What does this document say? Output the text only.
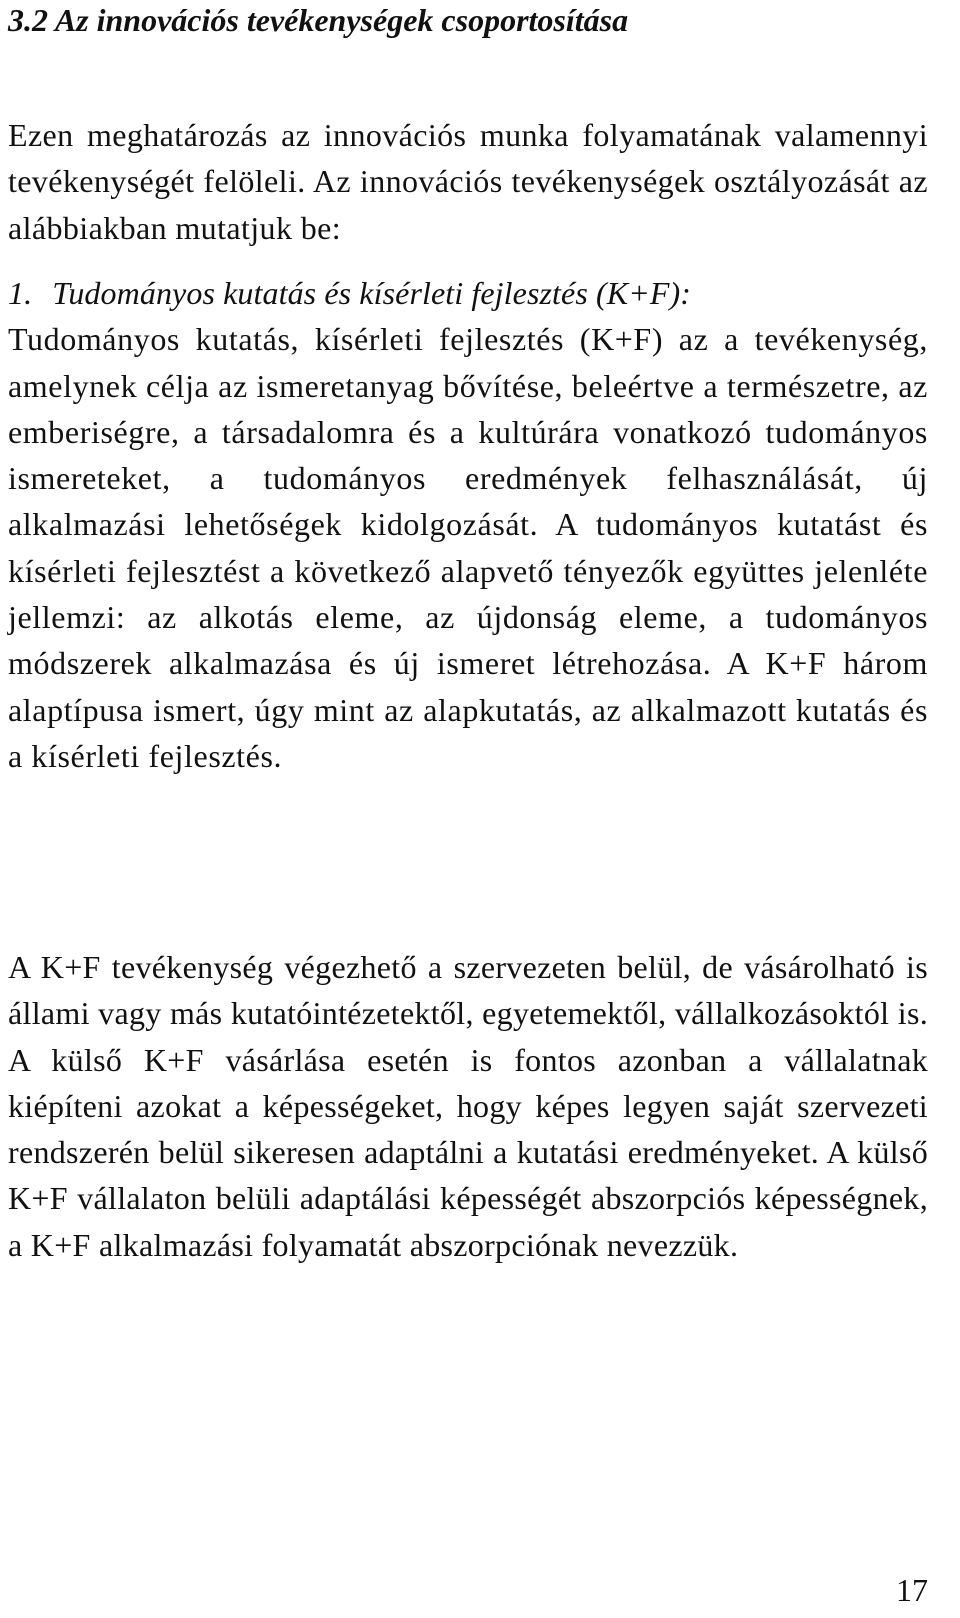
3.2 Az innovációs tevékenységek csoportosítása

Ezen meghatározás az innovációs munka folyamatának valamennyi tevékenységét felöleli. Az innovációs tevékenységek osztályozását az alábbiakban mutatjuk be:

1. Tudományos kutatás és kísérleti fejlesztés (K+F):
Tudományos kutatás, kísérleti fejlesztés (K+F) az a tevékenység, amelynek célja az ismeretanyag bővítése, beleértve a természetre, az emberiségre, a társadalomra és a kultúrára vonatkozó tudományos ismereteket, a tudományos eredmények felhasználását, új alkalmazási lehetőségek kidolgozását. A tudományos kutatást és kísérleti fejlesztést a következő alapvető tényezők együttes jelenléte jellemzi: az alkotás eleme, az újdonság eleme, a tudományos módszerek alkalmazása és új ismeret létrehozása. A K+F három alaptípusa ismert, úgy mint az alapkutatás, az alkalmazott kutatás és a kísérleti fejlesztés.

A K+F tevékenység végezhető a szervezeten belül, de vásárolható is állami vagy más kutatóintézetektől, egyetemektől, vállalkozásoktól is. A külső K+F vásárlása esetén is fontos azonban a vállalatnak kiépíteni azokat a képességeket, hogy képes legyen saját szervezeti rendszerén belül sikeresen adaptálni a kutatási eredményeket. A külső K+F vállalaton belüli adaptálási képességét abszorpciós képességnek, a K+F alkalmazási folyamatát abszorpciónak nevezzük.

17
